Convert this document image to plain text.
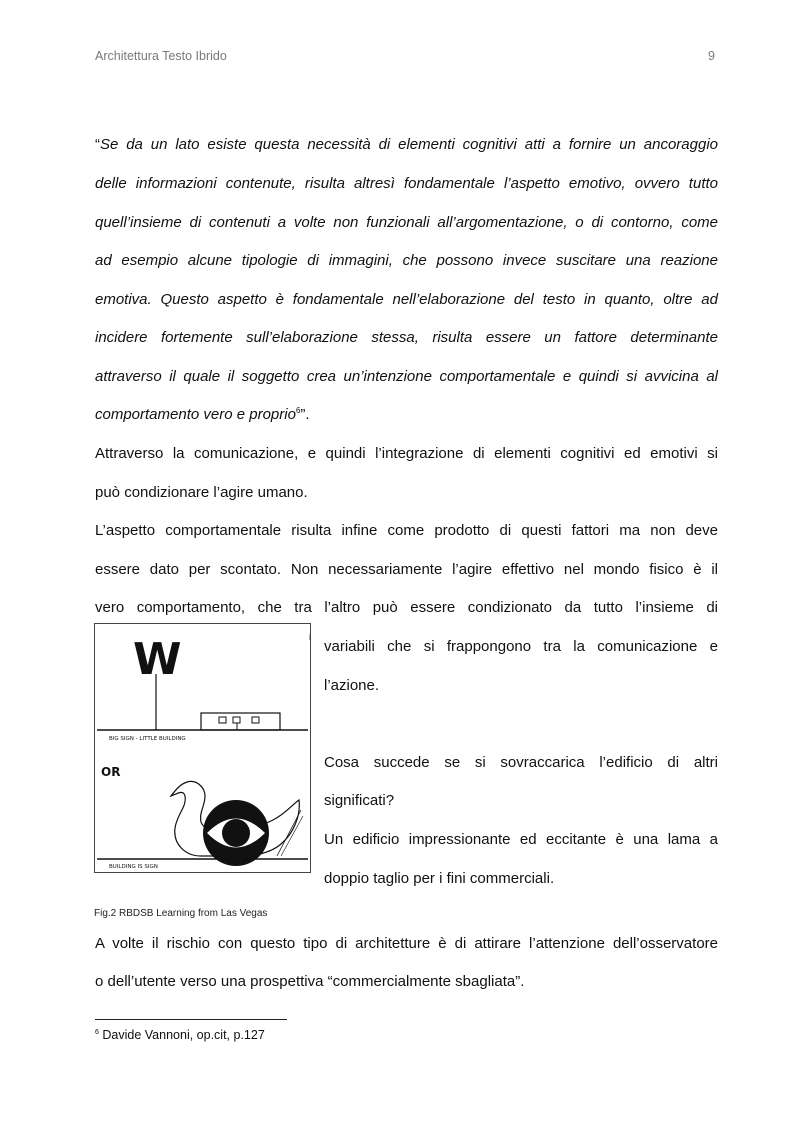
Architettura Testo Ibrido	9
“Se da un lato esiste questa necessità di elementi cognitivi atti a fornire un ancoraggio
delle informazioni contenute, risulta altresì fondamentale l’aspetto emotivo, ovvero tutto
quell’insieme di contenuti a volte non funzionali all’argomentazione, o di contorno, come
ad esempio alcune tipologie di immagini, che possono invece suscitare una reazione
emotiva. Questo aspetto è fondamentale nell’elaborazione del testo in quanto, oltre ad
incidere fortemente sull’elaborazione stessa, risulta essere un fattore determinante
attraverso il quale il soggetto crea un’intenzione comportamentale e quindi si avvicina al
comportamento vero e proprio$^6$”.
Attraverso la comunicazione, e quindi l’integrazione di elementi cognitivi ed emotivi si
può condizionare l’agire umano.
L’aspetto comportamentale risulta infine come prodotto di questi fattori ma non deve
essere dato per scontato. Non necessariamente l’agire effettivo nel mondo fisico è il
vero comportamento, che tra l’altro può essere condizionato da tutto l’insieme di
variabili che si frappongono tra la comunicazione e
l’azione.
Cosa succede se si sovraccarica l’edificio di altri
significati?
Un edificio impressionante ed eccitante è una lama a
doppio taglio per i fini commerciali.
W
BIG SIGN - LITTLE BUILDING
OR
BUILDING IS SIGN
i
Fig.2 RBDSB Learning from Las Vegas
A volte il rischio con questo tipo di architetture è di attirare l’attenzione dell’osservatore
o dell’utente verso una prospettiva “commercialmente sbagliata”.
$^6$ Davide Vannoni, op.cit, p.127
